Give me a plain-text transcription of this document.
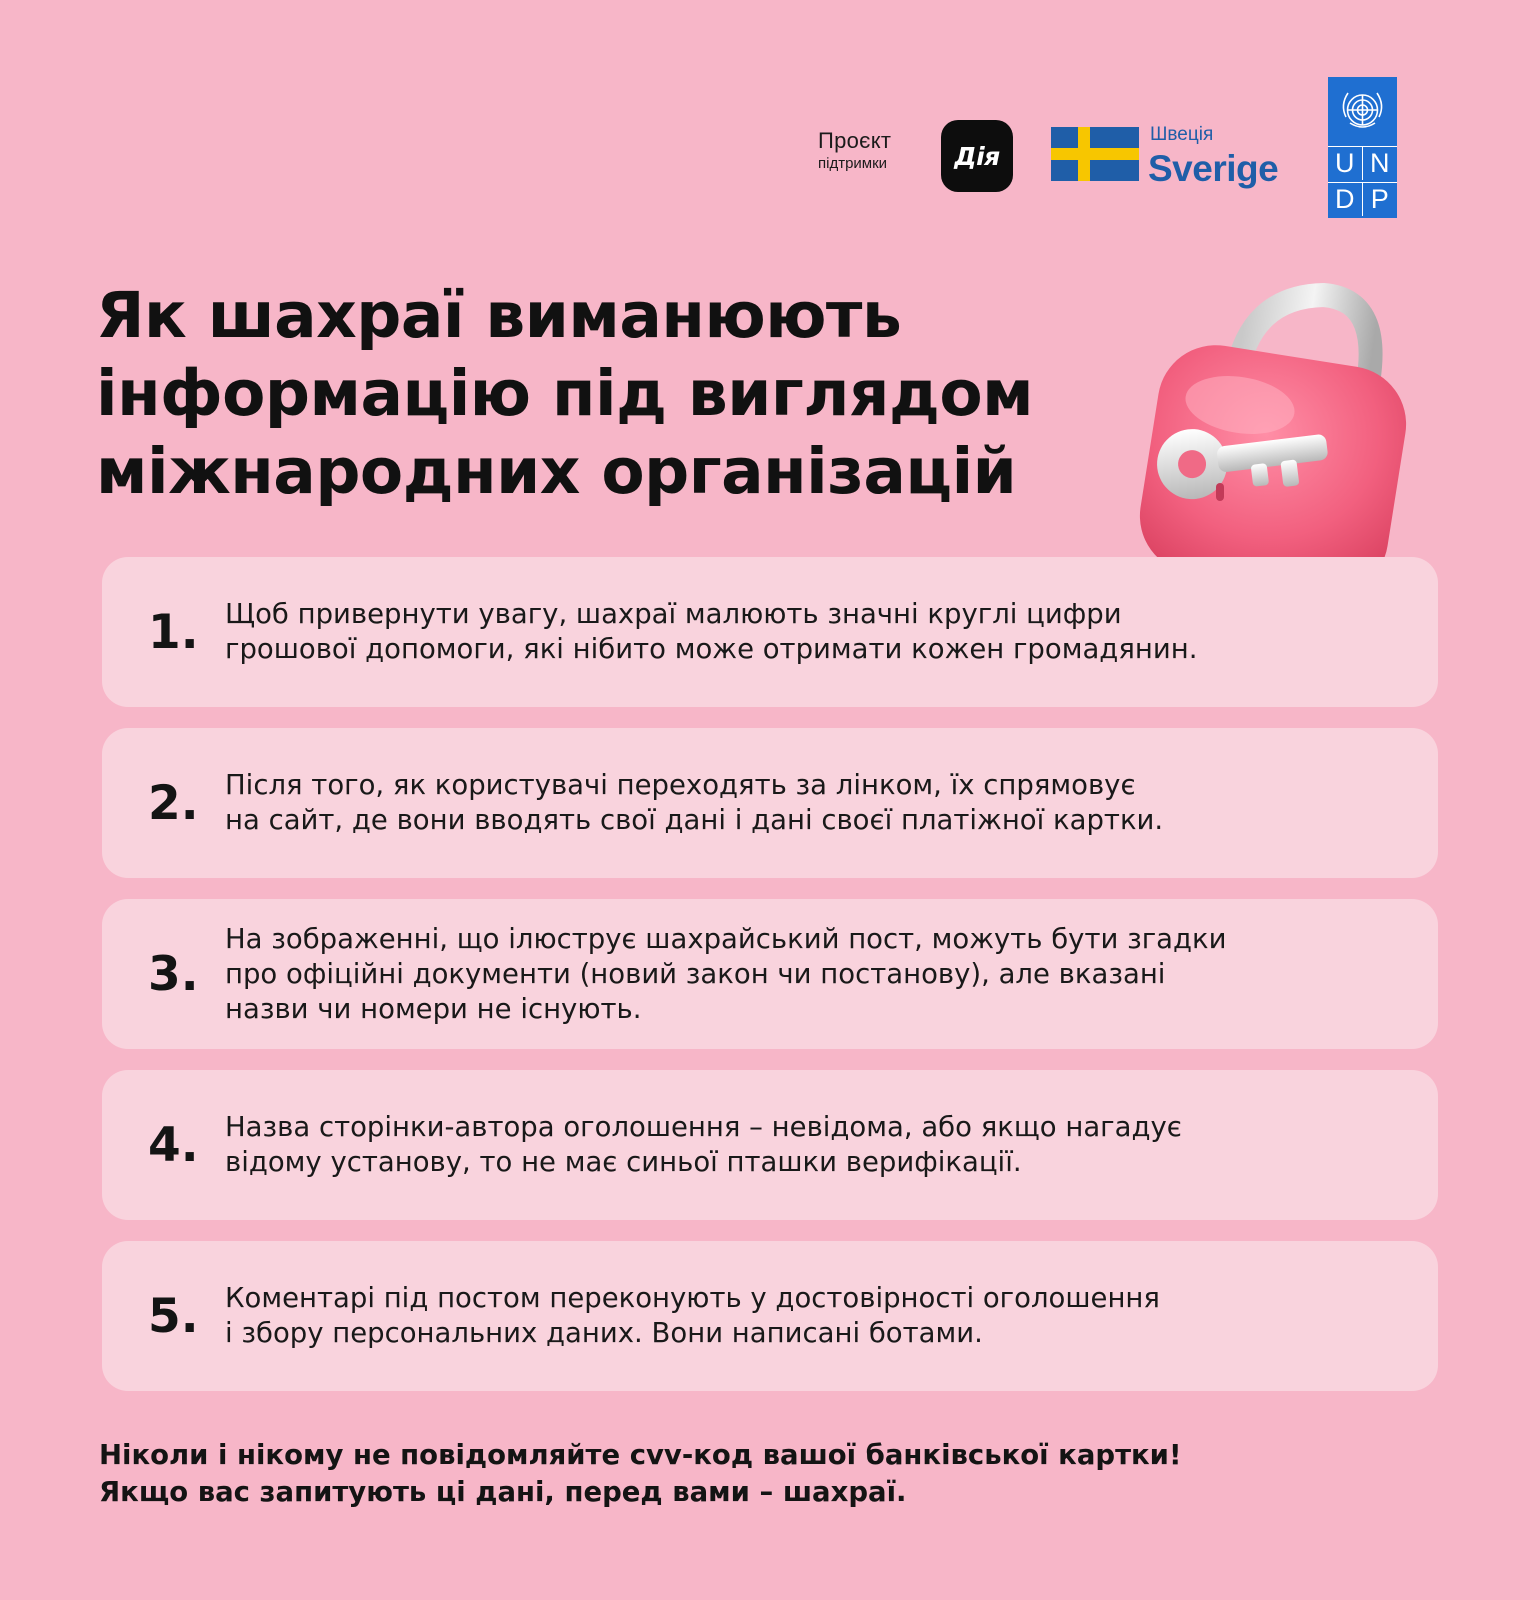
Проєкт
підтримки	Дія
Швеція
Sverige U N
D P
Як шахраї виманюють
інформацію під виглядом
міжнародних організацій
1. Щоб привернути увагу, шахраї малюють значні круглі цифри
грошової допомоги, які нібито може отримати кожен громадянин.
2. Після того, як користувачі переходять за лінком, їх спрямовує
на сайт, де вони вводять свої дані і дані своєї платіжної картки.
3.
На зображенні, що ілюструє шахрайський пост, можуть бути згадки
про офіційні документи (новий закон чи постанову), але вказані
назви чи номери не існують.
4. Назва сторінки-автора оголошення – невідома, або якщо нагадує
відому установу, то не має синьої пташки верифікації.
5. Коментарі під постом переконують у достовірності оголошення
і збору персональних даних. Вони написані ботами.
Ніколи і нікому не повідомляйте cvv-код вашої банківської картки!
Якщо вас запитують ці дані, перед вами – шахраї.
